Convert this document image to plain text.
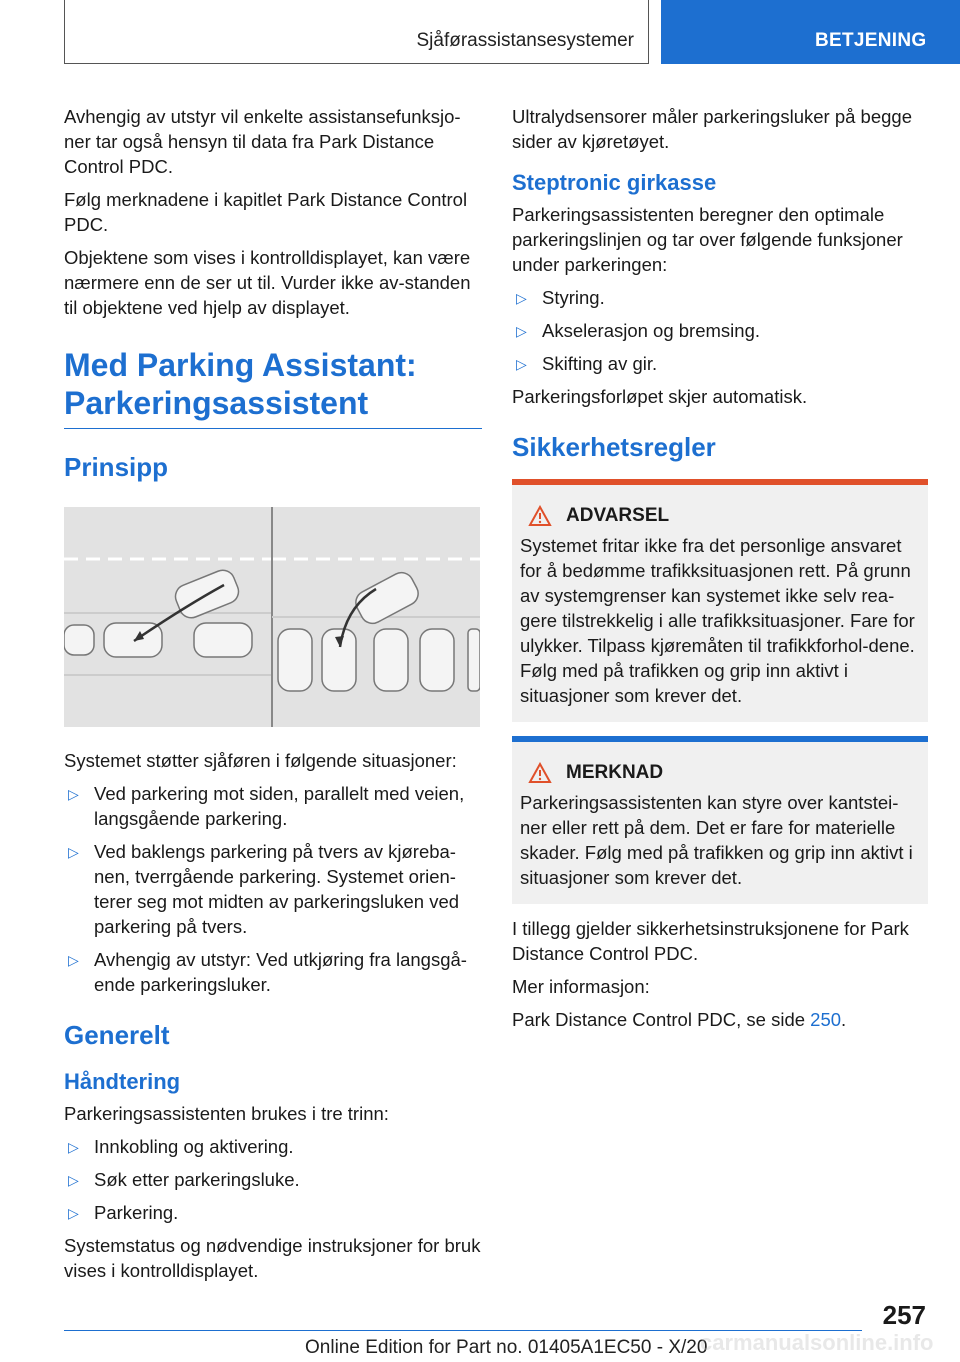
Sjåførassistansesystemer	BETJENING

Avhengig av utstyr vil enkelte assistansefunksjo-ner tar også hensyn til data fra Park Distance Control PDC.

Følg merknadene i kapitlet Park Distance Control PDC.

Objektene som vises i kontrolldisplayet, kan være nærmere enn de ser ut til. Vurder ikke av-standen til objektene ved hjelp av displayet.

Med Parking Assistant: Parkeringsassistent
Prinsipp

Systemet støtter sjåføren i følgende situasjoner:

▷ Ved parkering mot siden, parallelt med veien, langsgående parkering.
▷ Ved baklengs parkering på tvers av kjøreba-nen, tverrgående parkering. Systemet orien-terer seg mot midten av parkeringsluken ved parkering på tvers.
▷ Avhengig av utstyr: Ved utkjøring fra langsgå-ende parkeringsluker.
Generelt
Håndtering

Parkeringsassistenten brukes i tre trinn:

▷ Innkobling og aktivering.
▷ Søk etter parkeringsluke.
▷ Parkering.

Systemstatus og nødvendige instruksjoner for bruk vises i kontrolldisplayet.

Ultralydsensorer måler parkeringsluker på begge sider av kjøretøyet.

Steptronic girkasse

Parkeringsassistenten beregner den optimale parkeringslinjen og tar over følgende funksjoner under parkeringen:

▷ Styring.
▷ Akselerasjon og bremsing.
▷ Skifting av gir.

Parkeringsforløpet skjer automatisk.

Sikkerhetsregler
ADVARSEL

Systemet fritar ikke fra det personlige ansvaret for å bedømme trafikksituasjonen rett. På grunn av systemgrenser kan systemet ikke selv rea-gere tilstrekkelig i alle trafikksituasjoner. Fare for ulykker. Tilpass kjøremåten til trafikkforhol-dene. Følg med på trafikken og grip inn aktivt i situasjoner som krever det.

MERKNAD

Parkeringsassistenten kan styre over kantstei-ner eller rett på dem. Det er fare for materielle skader. Følg med på trafikken og grip inn aktivt i situasjoner som krever det.

I tillegg gjelder sikkerhetsinstruksjonene for Park Distance Control PDC.

Mer informasjon:

Park Distance Control PDC, se side 250.

257
Online Edition for Part no. 01405A1EC50 - X/20
carmanualsonline.info
